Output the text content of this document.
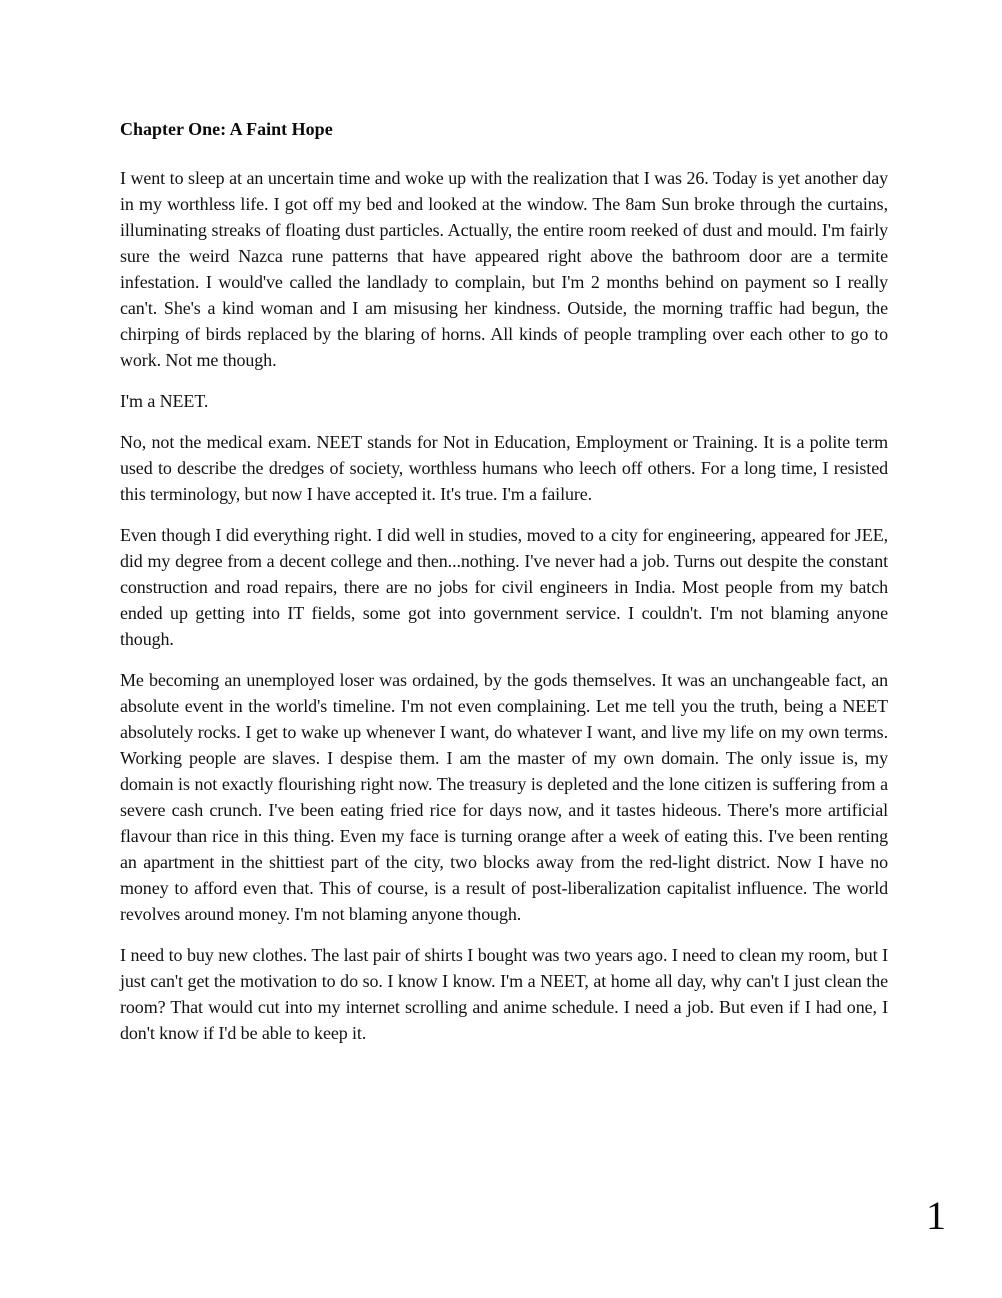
Chapter One: A Faint Hope

I went to sleep at an uncertain time and woke up with the realization that I was 26. Today is yet another day in my worthless life. I got off my bed and looked at the window. The 8am Sun broke through the curtains, illuminating streaks of floating dust particles. Actually, the entire room reeked of dust and mould. I'm fairly sure the weird Nazca rune patterns that have appeared right above the bathroom door are a termite infestation. I would've called the landlady to complain, but I'm 2 months behind on payment so I really can't. She's a kind woman and I am misusing her kindness. Outside, the morning traffic had begun, the chirping of birds replaced by the blaring of horns. All kinds of people trampling over each other to go to work. Not me though.

I'm a NEET.

No, not the medical exam. NEET stands for Not in Education, Employment or Training. It is a polite term used to describe the dredges of society, worthless humans who leech off others. For a long time, I resisted this terminology, but now I have accepted it. It's true. I'm a failure.

Even though I did everything right. I did well in studies, moved to a city for engineering, appeared for JEE, did my degree from a decent college and then...nothing. I've never had a job. Turns out despite the constant construction and road repairs, there are no jobs for civil engineers in India. Most people from my batch ended up getting into IT fields, some got into government service. I couldn't. I'm not blaming anyone though.

Me becoming an unemployed loser was ordained, by the gods themselves. It was an unchangeable fact, an absolute event in the world's timeline. I'm not even complaining. Let me tell you the truth, being a NEET absolutely rocks. I get to wake up whenever I want, do whatever I want, and live my life on my own terms. Working people are slaves. I despise them. I am the master of my own domain. The only issue is, my domain is not exactly flourishing right now. The treasury is depleted and the lone citizen is suffering from a severe cash crunch. I've been eating fried rice for days now, and it tastes hideous. There's more artificial flavour than rice in this thing. Even my face is turning orange after a week of eating this. I've been renting an apartment in the shittiest part of the city, two blocks away from the red-light district. Now I have no money to afford even that. This of course, is a result of post-liberalization capitalist influence. The world revolves around money. I'm not blaming anyone though.

I need to buy new clothes. The last pair of shirts I bought was two years ago. I need to clean my room, but I just can't get the motivation to do so. I know I know. I'm a NEET, at home all day, why can't I just clean the room? That would cut into my internet scrolling and anime schedule. I need a job. But even if I had one, I don't know if I'd be able to keep it.

1
